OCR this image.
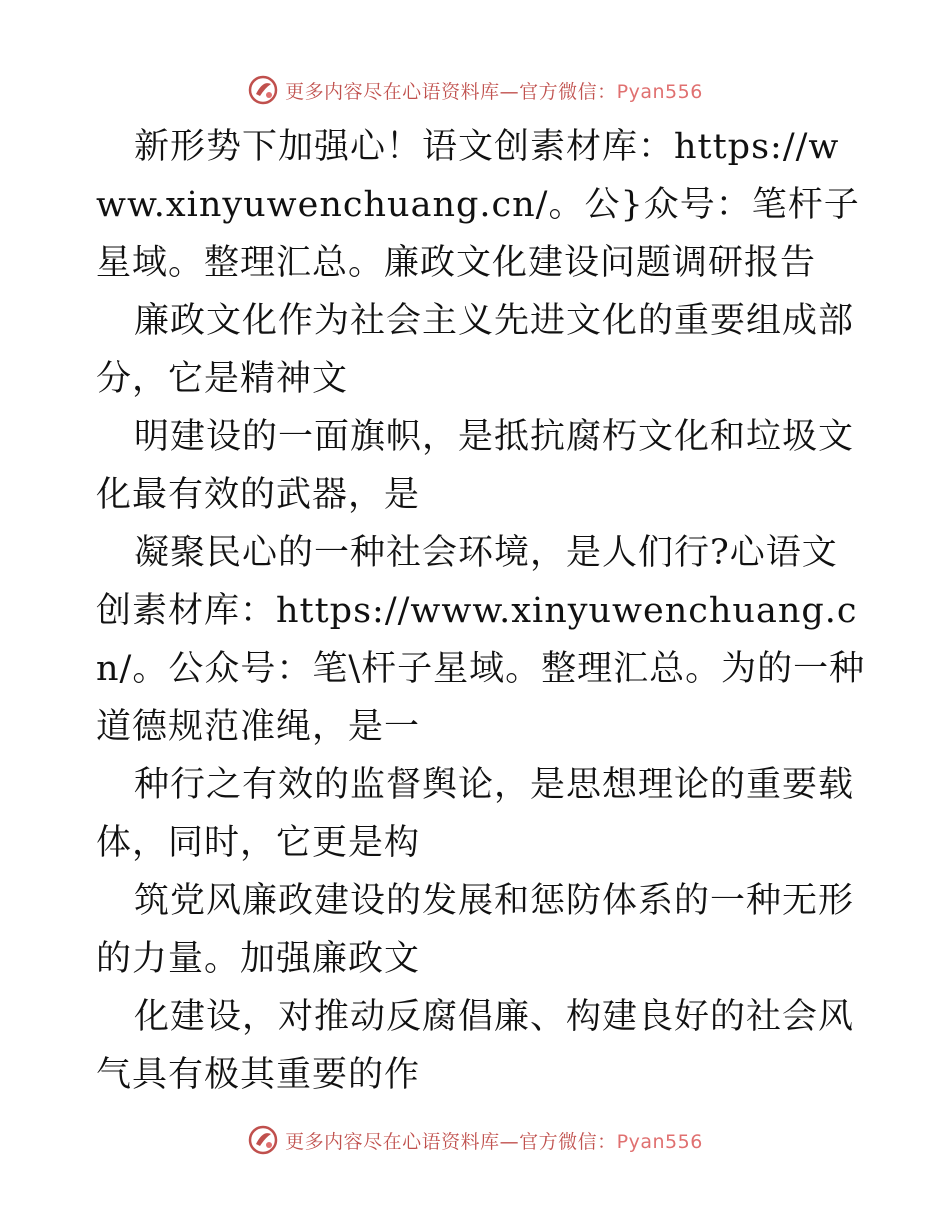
更多内容尽在心语资料库—官方微信：Pyan556

新形势下加强心！语文创素材库：https://www.xinyuwenchuang.cn/。公}众号：笔杆子星域。整理汇总。廉政文化建设问题调研报告

廉政文化作为社会主义先进文化的重要组成部分，它是精神文

明建设的一面旗帜，是抵抗腐朽文化和垃圾文化最有效的武器，是

凝聚民心的一种社会环境，是人们行?心语文创素材库：https://www.xinyuwenchuang.cn/。公众号：笔\杆子星域。整理汇总。为的一种道德规范准绳，是一

种行之有效的监督舆论，是思想理论的重要载体，同时，它更是构

筑党风廉政建设的发展和惩防体系的一种无形的力量。加强廉政文

化建设，对推动反腐倡廉、构建良好的社会风气具有极其重要的作

更多内容尽在心语资料库—官方微信：Pyan556
